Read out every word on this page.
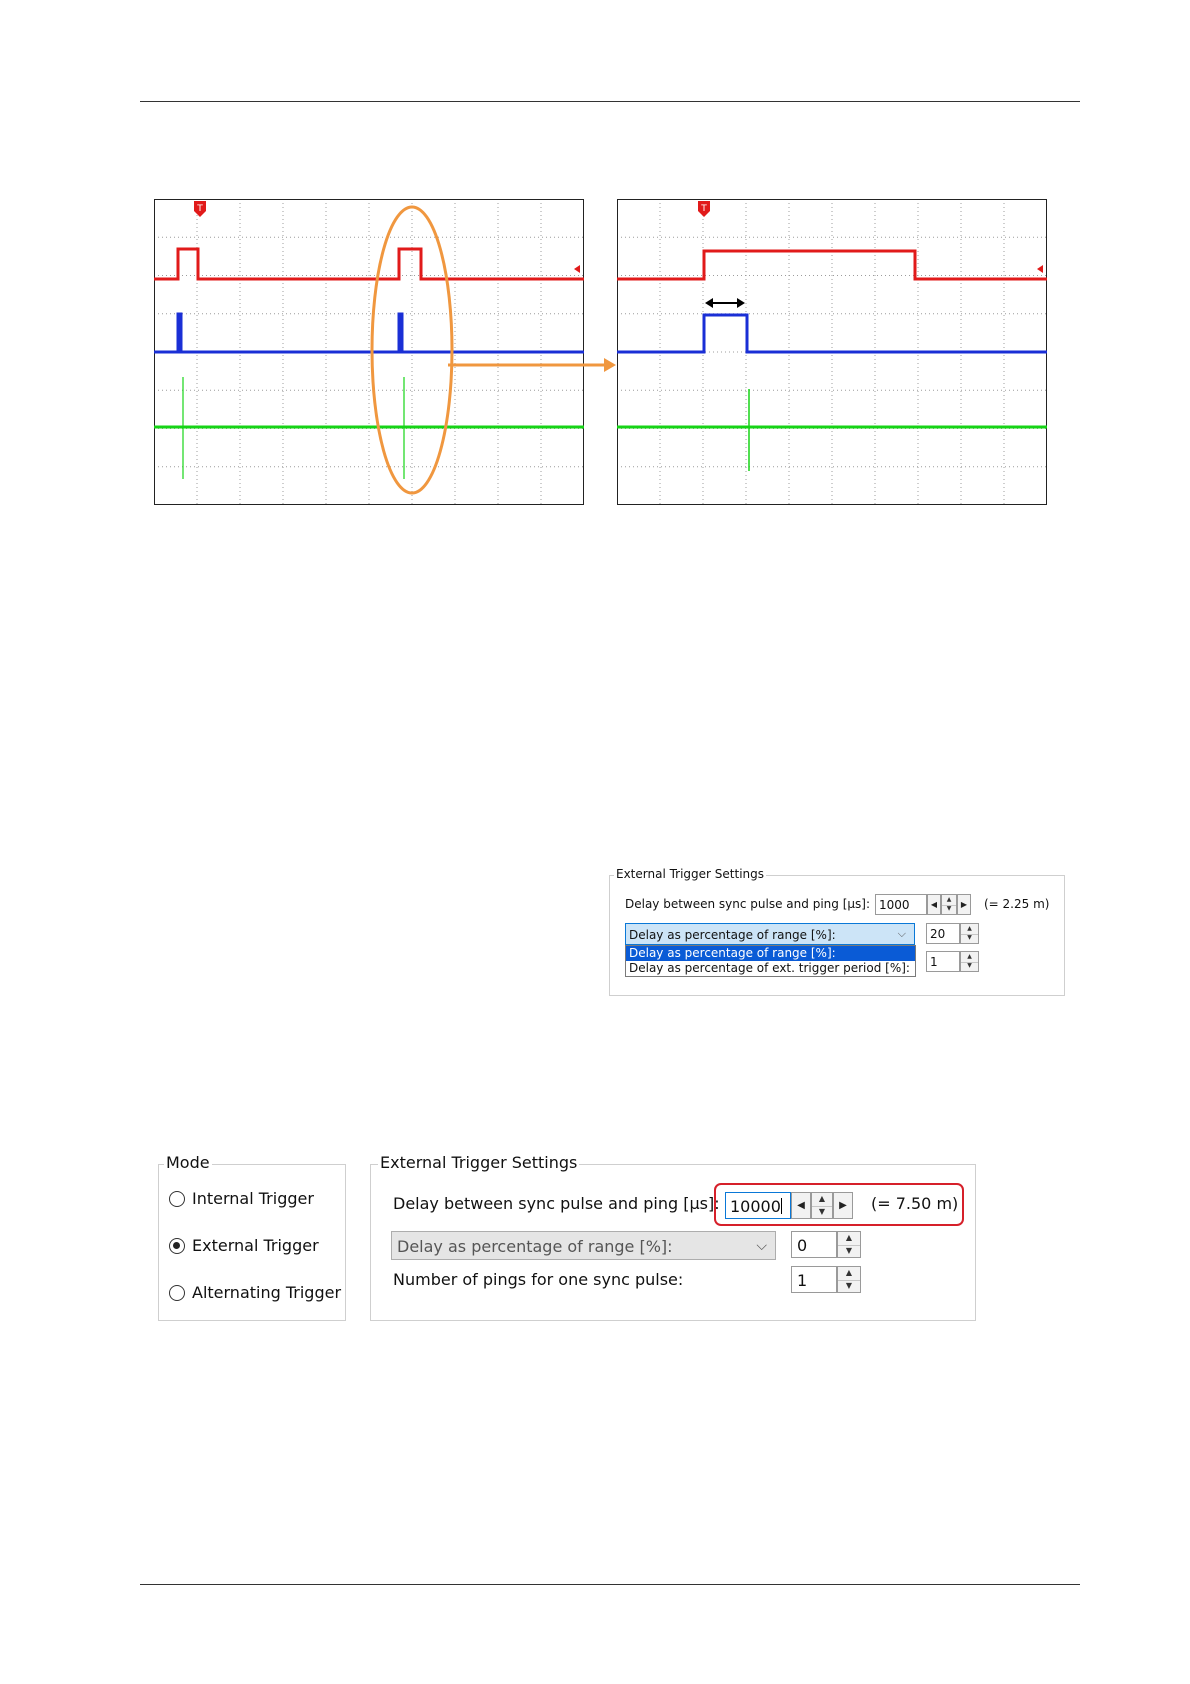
T	T
External Trigger Settings
Delay between sync pulse and ping [µs]: 1000	◀
▲
▼
▶	(= 2.25 m)
Delay as percentage of range [%]:	⌵	20	▲
▼
1	▲
▼
Delay as percentage of range [%]:
Delay as percentage of ext. trigger period [%]:
Mode
Internal Trigger
External Trigger
Alternating Trigger
External Trigger Settings
Delay between sync pulse and ping [µs]: 10000	◀
▲
▼
▶	(= 7.50 m)
Delay as percentage of range [%]:	⌵	0	▲
▼
Number of pings for one sync pulse:	1	▲
▼
